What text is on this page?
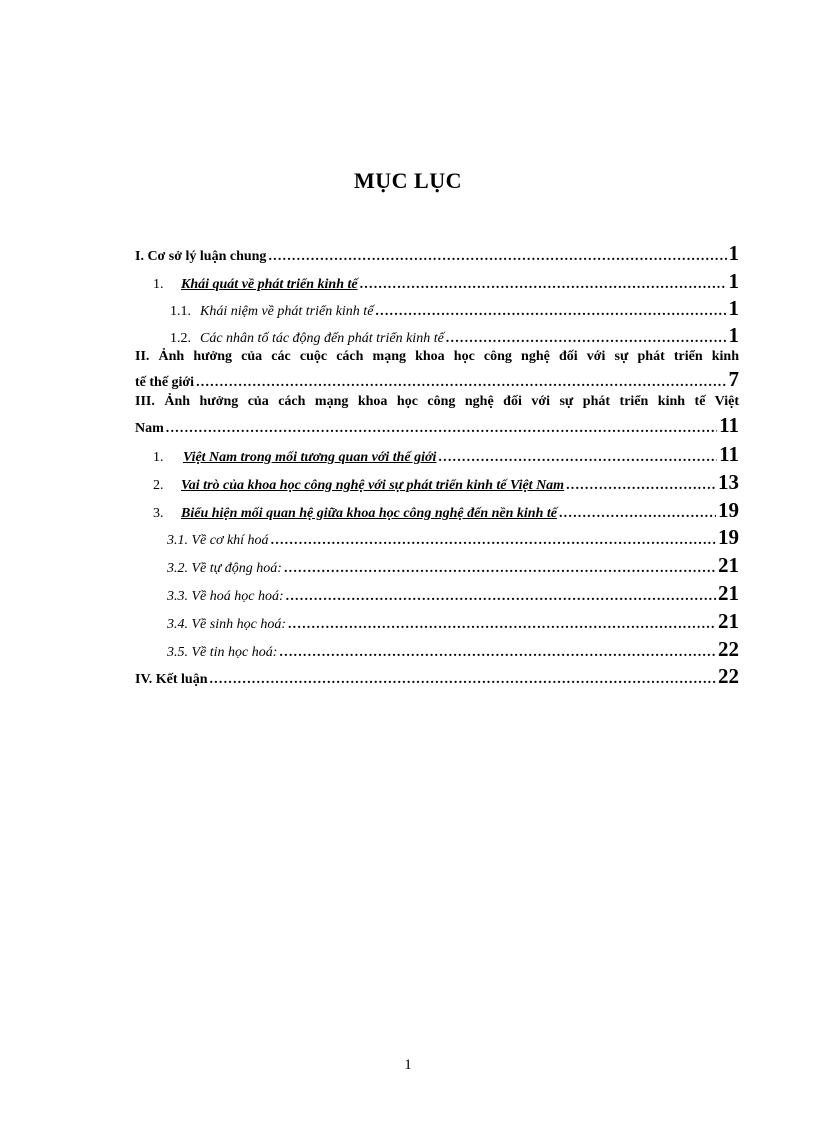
MỤC LỤC
I. Cơ sở lý luận chung .....	1
1.	Khái quát về phát triển kinh tế .....	1
1.1. Khái niệm về phát triển kinh tế .....	1
1.2. Các nhân tố tác động đến phát triển kinh tế .....	1
II. Ảnh hưởng của các cuộc cách mạng khoa học công nghệ đối với sự phát triển kinh
tế thế giới .....	7
III. Ảnh hưởng của cách mạng khoa học công nghệ đối với sự phát triển kinh tế Việt
Nam .....	11
1.	Việt Nam trong mối tương quan với thế giới .....	11
2.	Vai trò của khoa học công nghệ với sự phát triển kinh tế Việt Nam .....	13
3.	Biểu hiện mối quan hệ giữa khoa học công nghệ đến nền kinh tế .....	19
3.1. Về cơ khí hoá .....	19
3.2. Về tự động hoá: .....	21
3.3. Về hoá học hoá: .....	21
3.4. Về sinh học hoá: .....	21
3.5. Về tin học hoá: .....	22
IV. Kết luận .....	22
1
